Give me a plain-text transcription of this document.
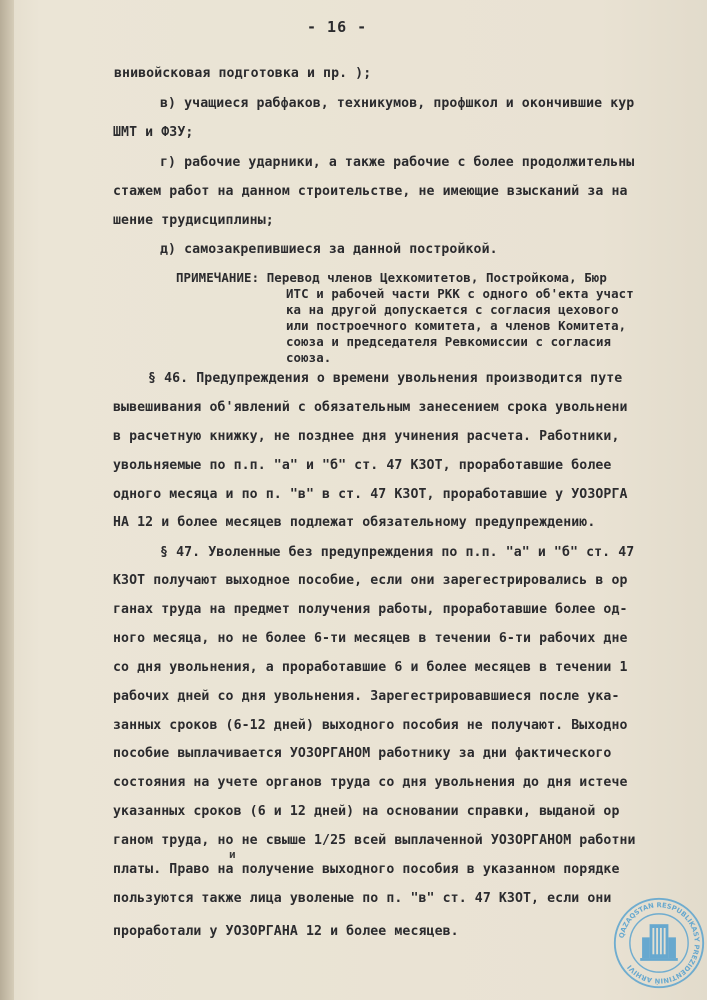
- 16 -
внивойсковая подготовка и пр. );
в) учащиеся рабфаков, техникумов, профшкол и окончившие кур
ШМТ и ФЗУ;
г) рабочие ударники, а также рабочие с более продолжительны
стажем работ на данном строительстве, не имеющие взысканий за на
шение трудисциплины;
д) самозакрепившиеся за данной постройкой.
ПРИМЕЧАНИЕ: Перевод членов Цехкомитетов, Постройкома, Бюр
ИТС и рабочей части РКК с одного об'екта участ
ка на другой допускается с согласия цехового
или построечного комитета, а членов Комитета,
союза и председателя Ревкомиссии с согласия
союза.
§ 46. Предупреждения о времени увольнения производится путе
вывешивания об'явлений с обязательным занесением срока увольнени
в расчетную книжку, не позднее дня учинения расчета. Работники,
увольняемые по п.п. "а" и "б" ст. 47 КЗОТ, проработавшие более
одного месяца и по п. "в" в ст. 47 КЗОТ, проработавшие у УОЗОРГА
НА 12 и более месяцев подлежат обязательному предупреждению.
§ 47. Уволенные без предупреждения по п.п. "а" и "б" ст. 47
КЗОТ получают выходное пособие, если они зарегестрировались в ор
ганах труда на предмет получения работы, проработавшие более од-
ного месяца, но не более 6-ти месяцев в течении 6-ти рабочих дне
со дня увольнения, а проработавшие 6 и более месяцев в течении 1
рабочих дней со дня увольнения. Зарегестрировавшиеся после ука-
занных сроков (6-12 дней) выходного пособия не получают. Выходно
пособие выплачивается УОЗОРГАНОМ работнику за дни фактического
состояния на учете органов труда со дня увольнения до дня истече
указанных сроков (6 и 12 дней) на основании справки, выданой ор
ганом труда, но не свыше 1/25 всей выплаченной УОЗОРГАНОМ работни
платы. Право на получение выходного пособия в указанном порядке
пользуются также лица уволеные по п. "в" ст. 47 КЗОТ, если они
проработали у УОЗОРГАНА 12 и более месяцев.
и
QAZAQSTAN RESPUBLIKASY PREZIDENTINIŃ ARHIVI
